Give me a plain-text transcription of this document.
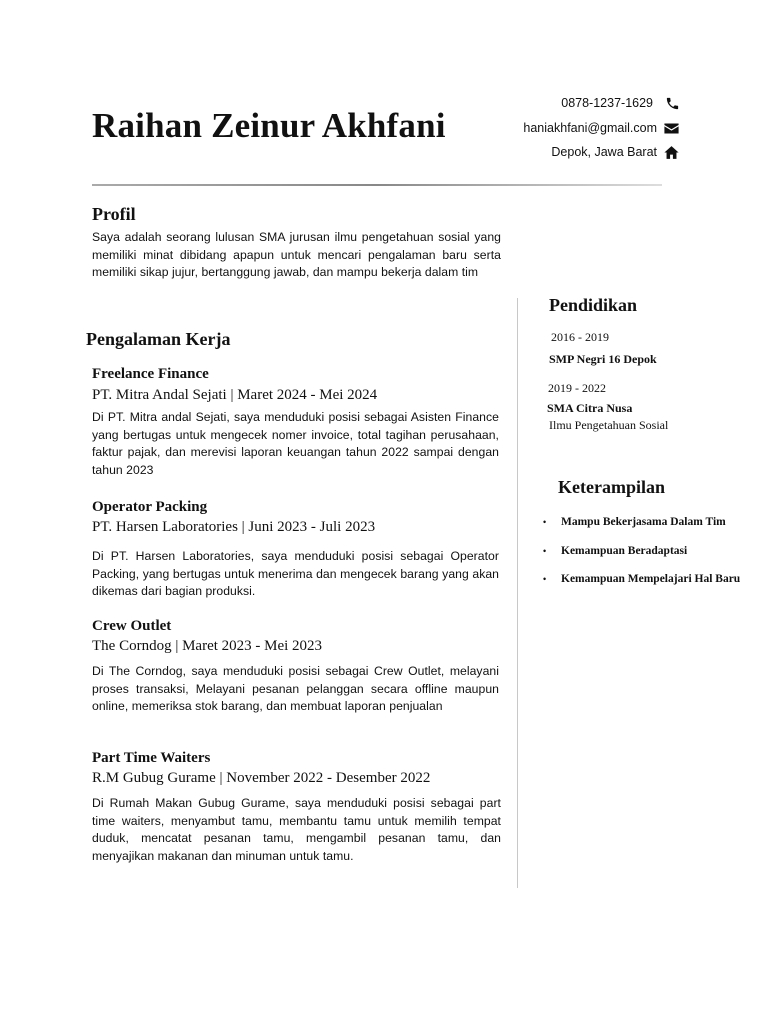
Raihan Zeinur Akhfani
0878-1237-1629
haniakhfani@gmail.com
Depok, Jawa Barat
Profil
Saya adalah seorang lulusan SMA jurusan ilmu pengetahuan sosial yang memiliki minat dibidang apapun untuk mencari pengalaman baru serta memiliki sikap jujur, bertanggung jawab, dan mampu bekerja dalam tim
Pengalaman Kerja
Freelance Finance
PT. Mitra Andal Sejati | Maret 2024 - Mei 2024
Di PT. Mitra andal Sejati, saya menduduki posisi sebagai Asisten Finance yang bertugas untuk mengecek nomer invoice, total tagihan perusahaan, faktur pajak, dan merevisi laporan keuangan tahun 2022 sampai dengan tahun 2023
Operator Packing
PT. Harsen Laboratories | Juni 2023 - Juli 2023
Di PT. Harsen Laboratories, saya menduduki posisi sebagai Operator Packing, yang bertugas untuk menerima dan mengecek barang yang akan dikemas dari bagian produksi.
Crew Outlet
The Corndog | Maret 2023 - Mei 2023
Di The Corndog, saya menduduki posisi sebagai Crew Outlet, melayani proses transaksi, Melayani pesanan pelanggan secara offline maupun online, memeriksa stok barang, dan membuat laporan penjualan
Part Time Waiters
R.M Gubug Gurame | November 2022 - Desember 2022
Di Rumah Makan Gubug Gurame, saya menduduki posisi sebagai part time waiters, menyambut tamu, membantu tamu untuk memilih tempat duduk, mencatat pesanan tamu, mengambil pesanan tamu, dan menyajikan makanan dan minuman untuk tamu.
Pendidikan
2016 - 2019
SMP Negri 16 Depok
2019 - 2022
SMA Citra Nusa
Ilmu Pengetahuan Sosial
Keterampilan
•	Mampu Bekerjasama Dalam Tim
•	Kemampuan Beradaptasi
•	Kemampuan Mempelajari Hal Baru
